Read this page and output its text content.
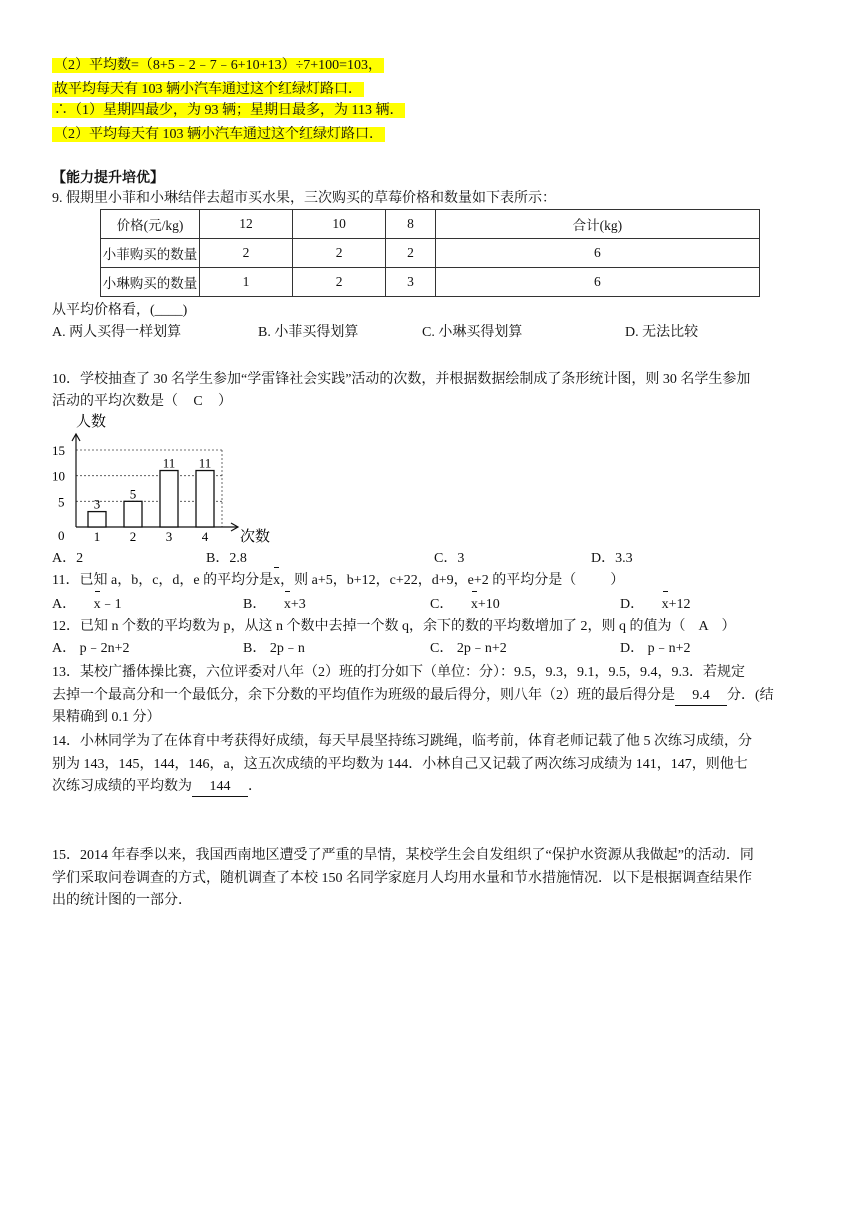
（2）平均数=（8+5﹣2﹣7﹣6+10+13）÷7+100=103，
故平均每天有 103 辆小汽车通过这个红绿灯路口．
∴（1）星期四最少，为 93 辆；星期日最多，为 113 辆．
（2）平均每天有 103 辆小汽车通过这个红绿灯路口．
【能力提升培优】
9. 假期里小菲和小琳结伴去超市买水果，三次购买的草莓价格和数量如下表所示：
价格(元/kg)	12	10	8	合计(kg)
小菲购买的数量	2	2	2	6
小琳购买的数量	1	2	3	6
从平均价格看，(____)
A. 两人买得一样划算	B. 小菲买得划算	C. 小琳买得划算	D. 无法比较
10．学校抽查了 30 名学生参加“学雷锋社会实践”活动的次数，并根据数据绘制成了条形统计图，则 30 名学生参加
活动的平均次数是（ C ）
人数
次数
0
5
10
15
3
1
5
2
11
3
11
4
A．2	B．2.8	C．3	D．3.3
11．已知 a，b，c，d，e 的平均分是x，则 a+5，b+12，c+22，d+9，e+2 的平均分是（ ）
A． x﹣1	B． x+3	C． x+10	D． x+12
12．已知 n 个数的平均数为 p，从这 n 个数中去掉一个数 q，余下的数的平均数增加了 2，则 q 的值为（ A ）
A． p﹣2n+2	B． 2p﹣n	C． 2p﹣n+2	D． p﹣n+2
13．某校广播体操比赛，六位评委对八年（2）班的打分如下（单位：分）：9.5，9.3，9.1，9.5，9.4，9.3．若规定
去掉一个最高分和一个最低分，余下分数的平均值作为班级的最后得分，则八年（2）班的最后得分是 9.4 分．(结
果精确到 0.1 分）
14．小林同学为了在体育中考获得好成绩，每天早晨坚持练习跳绳，临考前，体育老师记载了他 5 次练习成绩，分
别为 143，145，144，146，a，这五次成绩的平均数为 144．小林自己又记载了两次练习成绩为 141，147，则他七
次练习成绩的平均数为 144 ．
15．2014 年春季以来，我国西南地区遭受了严重的旱情，某校学生会自发组织了“保护水资源从我做起”的活动．同
学们采取问卷调查的方式，随机调查了本校 150 名同学家庭月人均用水量和节水措施情况．以下是根据调查结果作
出的统计图的一部分．
